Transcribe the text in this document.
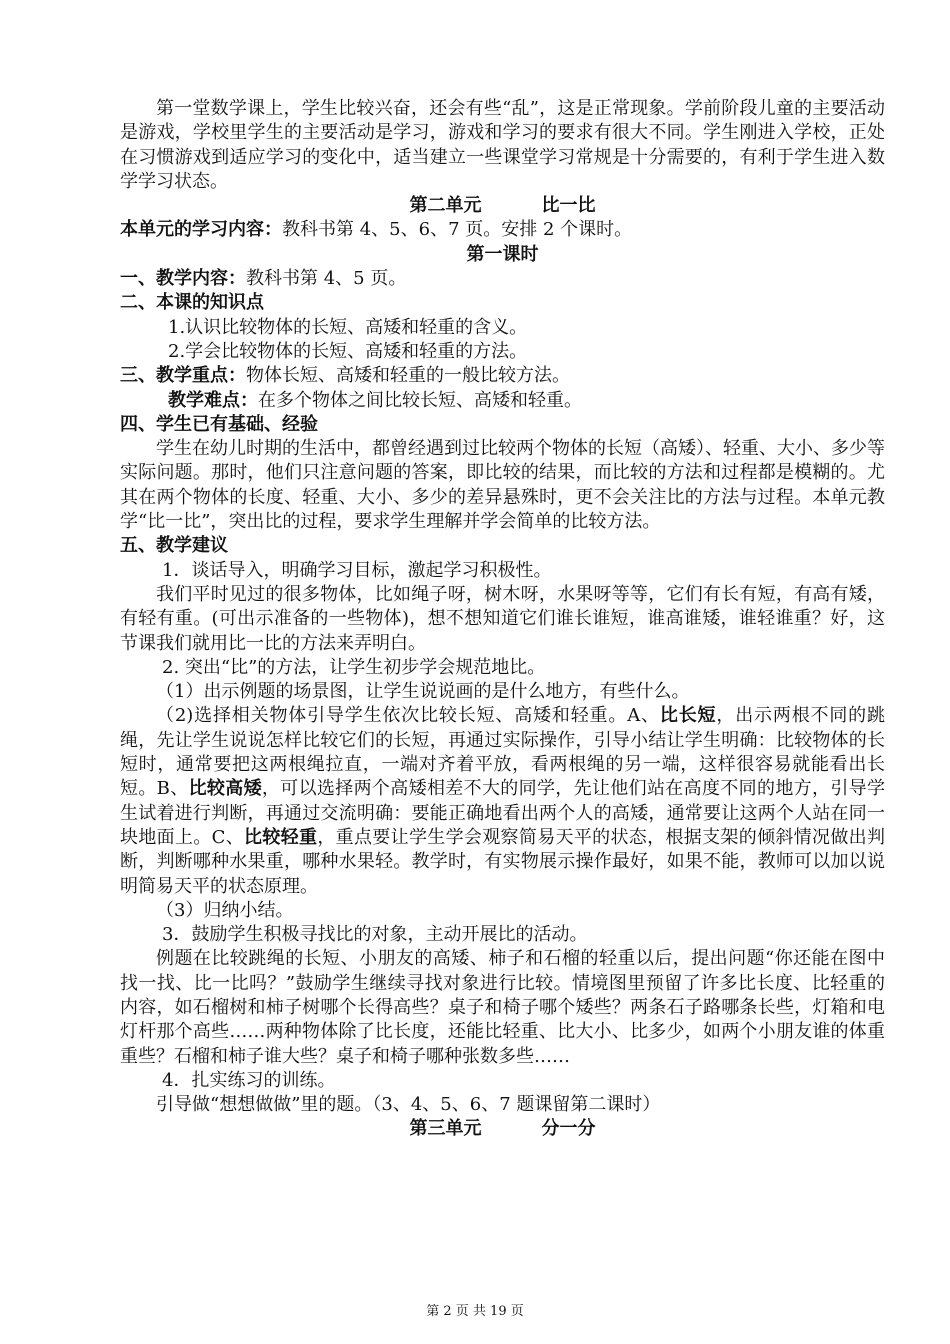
第一堂数学课上，学生比较兴奋，还会有些“乱”，这是正常现象。学前阶段儿童的主要活动是游戏，学校里学生的主要活动是学习，游戏和学习的要求有很大不同。学生刚进入学校，正处在习惯游戏到适应学习的变化中，适当建立一些课堂学习常规是十分需要的，有利于学生进入数学学习状态。

第二单元	比一比

本单元的学习内容：教科书第 4、5、6、7 页。安排 2 个课时。

第一课时

一、教学内容：教科书第 4、5 页。

二、本课的知识点

1.认识比较物体的长短、高矮和轻重的含义。

2.学会比较物体的长短、高矮和轻重的方法。

三、教学重点：物体长短、高矮和轻重的一般比较方法。

教学难点：在多个物体之间比较长短、高矮和轻重。

四、学生已有基础、经验

学生在幼儿时期的生活中，都曾经遇到过比较两个物体的长短（高矮）、轻重、大小、多少等实际问题。那时，他们只注意问题的答案，即比较的结果，而比较的方法和过程都是模糊的。尤其在两个物体的长度、轻重、大小、多少的差异悬殊时，更不会关注比的方法与过程。本单元教学“比一比”，突出比的过程，要求学生理解并学会简单的比较方法。

五、教学建议

1．谈话导入，明确学习目标，激起学习积极性。

我们平时见过的很多物体，比如绳子呀，树木呀，水果呀等等，它们有长有短，有高有矮，有轻有重。(可出示准备的一些物体)，想不想知道它们谁长谁短，谁高谁矮，谁轻谁重？好，这节课我们就用比一比的方法来弄明白。

2. 突出“比”的方法，让学生初步学会规范地比。

（1）出示例题的场景图，让学生说说画的是什么地方，有些什么。

（2)选择相关物体引导学生依次比较长短、高矮和轻重。A、比长短，出示两根不同的跳绳，先让学生说说怎样比较它们的长短，再通过实际操作，引导小结让学生明确：比较物体的长短时，通常要把这两根绳拉直，一端对齐着平放，看两根绳的另一端，这样很容易就能看出长短。B、比较高矮，可以选择两个高矮相差不大的同学，先让他们站在高度不同的地方，引导学生试着进行判断，再通过交流明确：要能正确地看出两个人的高矮，通常要让这两个人站在同一块地面上。C、比较轻重，重点要让学生学会观察简易天平的状态，根据支架的倾斜情况做出判断，判断哪种水果重，哪种水果轻。教学时，有实物展示操作最好，如果不能，教师可以加以说明简易天平的状态原理。

（3）归纳小结。

3．鼓励学生积极寻找比的对象，主动开展比的活动。

例题在比较跳绳的长短、小朋友的高矮、柿子和石榴的轻重以后，提出问题“你还能在图中找一找、比一比吗？”鼓励学生继续寻找对象进行比较。情境图里预留了许多比长度、比轻重的内容，如石榴树和柿子树哪个长得高些？桌子和椅子哪个矮些？两条石子路哪条长些，灯箱和电灯杆那个高些……两种物体除了比长度，还能比轻重、比大小、比多少，如两个小朋友谁的体重重些？石榴和柿子谁大些？桌子和椅子哪种张数多些……

4．扎实练习的训练。

引导做“想想做做”里的题。（3、4、5、6、7 题课留第二课时）

第三单元	分一分

第 2 页 共 19 页
